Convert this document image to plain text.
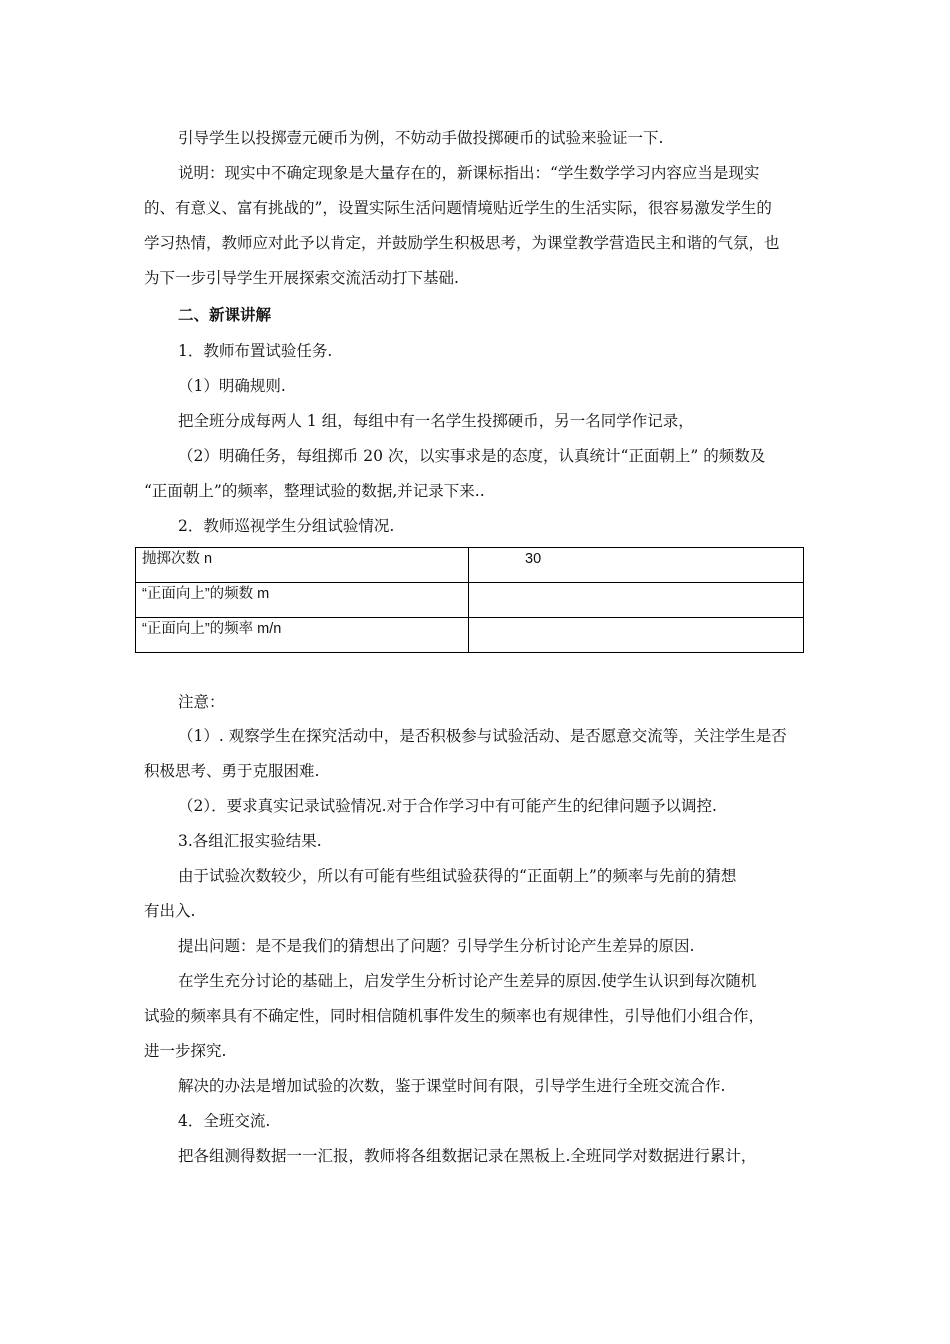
引导学生以投掷壹元硬币为例，不妨动手做投掷硬币的试验来验证一下.
说明：现实中不确定现象是大量存在的，新课标指出：“学生数学学习内容应当是现实
的、有意义、富有挑战的”，设置实际生活问题情境贴近学生的生活实际，很容易激发学生的
学习热情，教师应对此予以肯定，并鼓励学生积极思考，为课堂教学营造民主和谐的气氛，也
为下一步引导学生开展探索交流活动打下基础.
二、新课讲解
1．教师布置试验任务.
（1）明确规则.
把全班分成每两人 1 组，每组中有一名学生投掷硬币，另一名同学作记录，
（2）明确任务，每组掷币 20 次，以实事求是的态度，认真统计“正面朝上” 的频数及
“正面朝上”的频率，整理试验的数据,并记录下来..
2．教师巡视学生分组试验情况.
抛掷次数 n	30
“正面向上”的频数 m	
“正面向上”的频率 m/n	
注意：
（1）. 观察学生在探究活动中，是否积极参与试验活动、是否愿意交流等，关注学生是否
积极思考、勇于克服困难.
（2）．要求真实记录试验情况.对于合作学习中有可能产生的纪律问题予以调控.
3.各组汇报实验结果.
由于试验次数较少，所以有可能有些组试验获得的“正面朝上”的频率与先前的猜想
有出入.
提出问题：是不是我们的猜想出了问题？引导学生分析讨论产生差异的原因.
在学生充分讨论的基础上，启发学生分析讨论产生差异的原因.使学生认识到每次随机
试验的频率具有不确定性，同时相信随机事件发生的频率也有规律性，引导他们小组合作，
进一步探究.
解决的办法是增加试验的次数，鉴于课堂时间有限，引导学生进行全班交流合作.
4．全班交流.
把各组测得数据一一汇报，教师将各组数据记录在黑板上.全班同学对数据进行累计，
